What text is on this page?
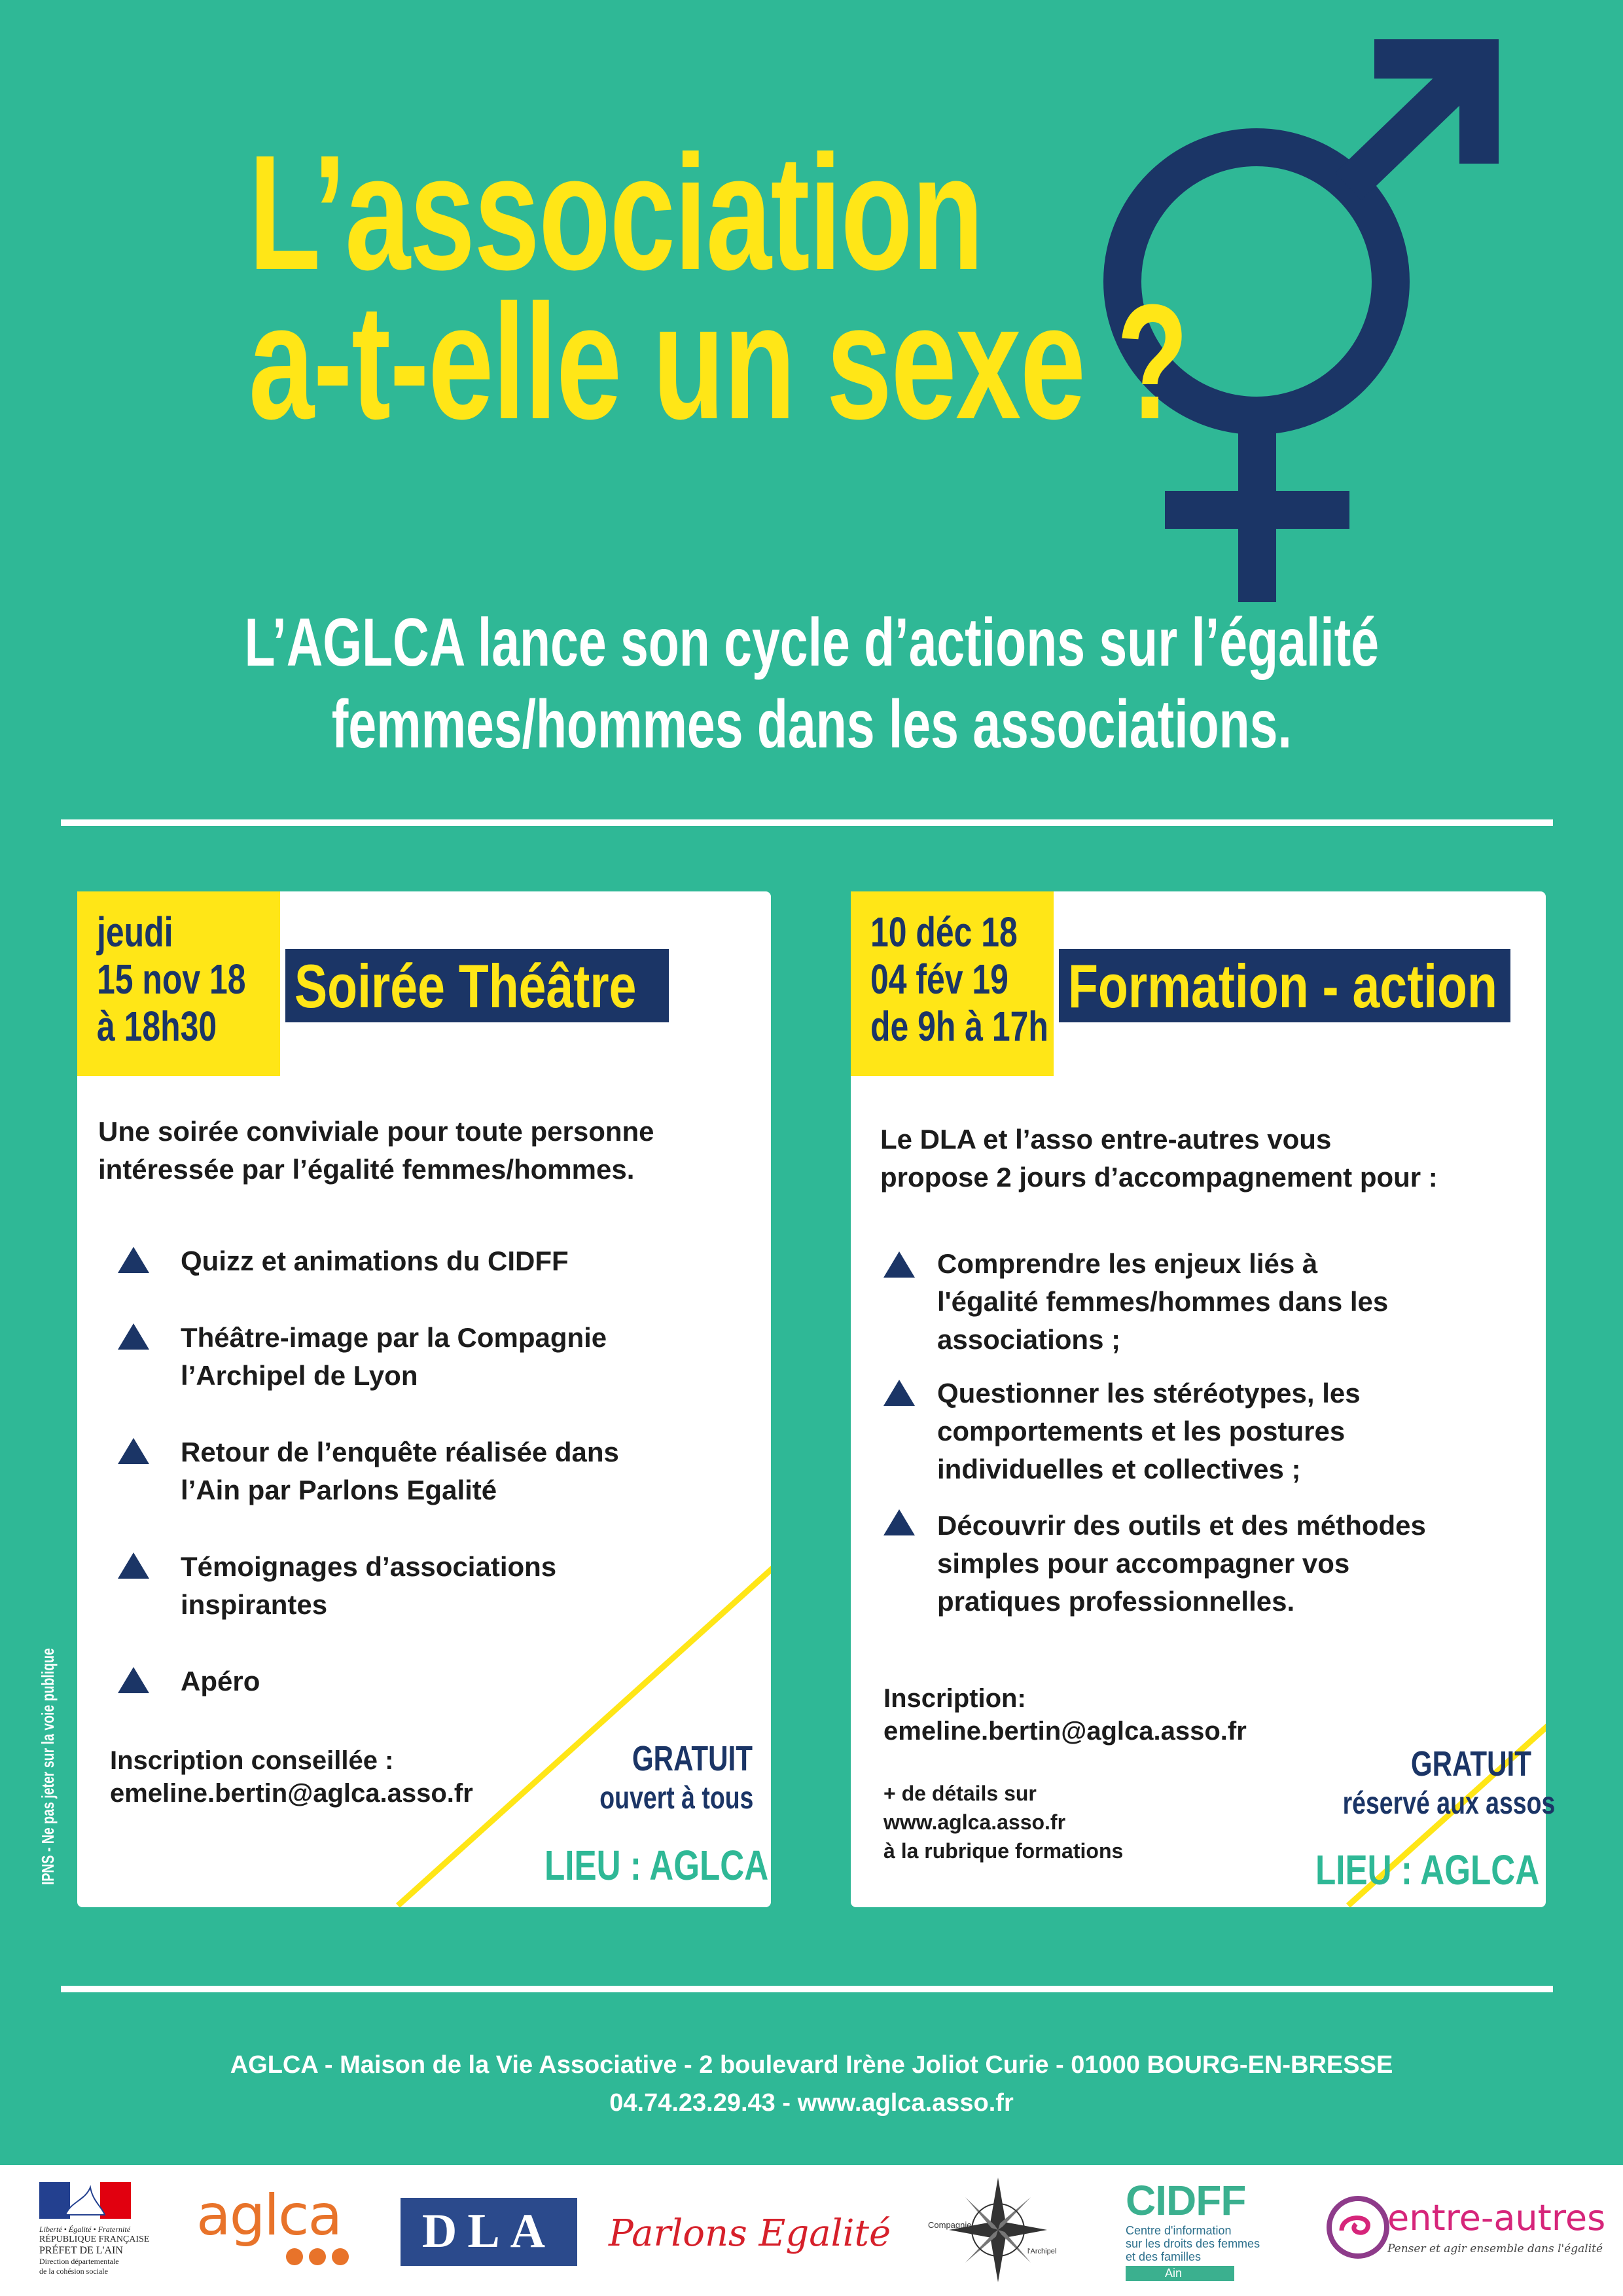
L’association
a-t-elle un sexe ?
L’AGLCA lance son cycle d’actions sur l’égalité
femmes/hommes dans les associations.
jeudi
15 nov 18
à 18h30
Soirée Théâtre
Une soirée conviviale pour toute personne
intéressée par l’égalité femmes/hommes.
Quizz et animations du CIDFF
Théâtre-image par la Compagnie
l’Archipel de Lyon
Retour de l’enquête réalisée dans
l’Ain par Parlons Egalité
Témoignages d’associations
inspirantes
Apéro
Inscription conseillée :
emeline.bertin@aglca.asso.fr
GRATUIT
ouvert à tous
LIEU : AGLCA
10 déc 18
04 fév 19
de 9h à 17h
Formation - action
Le DLA et l’asso entre-autres vous
propose 2 jours d’accompagnement pour :
Comprendre les enjeux liés à
l'égalité femmes/hommes dans les
associations ;
Questionner les stéréotypes, les
comportements et les postures
individuelles et collectives ;
Découvrir des outils et des méthodes
simples pour accompagner vos
pratiques professionnelles.
Inscription:
emeline.bertin@aglca.asso.fr
+ de détails sur
www.aglca.asso.fr
à la rubrique formations
GRATUIT
réservé aux assos
LIEU : AGLCA
IPNS - Ne pas jeter sur la voie publique
AGLCA - Maison de la Vie Associative - 2 boulevard Irène Joliot Curie - 01000 BOURG-EN-BRESSE
04.74.23.29.43 - www.aglca.asso.fr
Liberté • Égalité • Fraternité
RÉPUBLIQUE FRANÇAISE
PRÉFET DE L'AIN
Direction départementale
de la cohésion sociale
aglca	DLA	Parlons Egalité	Compagnie
l'Archipel
CIDFF
Centre d'information
sur les droits des femmes
et des familles
Ain
entre-autres
Penser et agir ensemble dans l'égalité
